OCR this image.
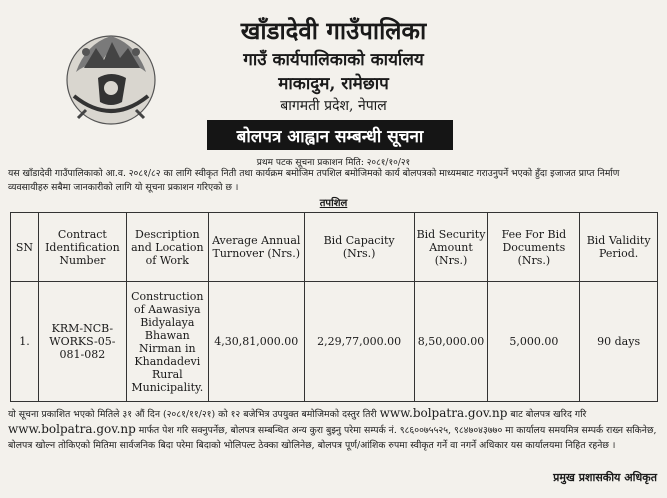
खाँडादेवी गाउँपालिका
गाउँ कार्यपालिकाको कार्यालय
माकादुम, रामेछाप
बागमती प्रदेश, नेपाल
बोलपत्र आह्वान सम्बन्धी सूचना
प्रथम पटक सूचना प्रकाशन मिति: २०८१/१०/२१

यस खाँडादेवी गाउँपालिकाको आ.व. २०८१/८२ का लागि स्वीकृत निती तथा कार्यक्रम बमोजिम तपशिल बमोजिमको कार्य बोलपत्रको माध्यमबाट गराउनुपर्ने भएको हुँदा इजाजत प्राप्त निर्माण व्यवसायीहरु सबैमा जानकारीको लागि यो सूचना प्रकाशन गरिएको छ ।

तपशिल
SN	Contract Identification Number	Description and Location of Work	Average Annual Turnover (Nrs.)	Bid Capacity (Nrs.)	Bid Security Amount (Nrs.)	Fee For Bid Documents (Nrs.)	Bid Validity Period.
1.	KRM-NCB-WORKS-05-081-082	Construction of Aawasiya Bidyalaya Bhawan Nirman in Khandadevi Rural Municipality.	4,30,81,000.00	2,29,77,000.00	8,50,000.00	5,000.00	90 days

यो सूचना प्रकाशित भएको मितिले ३१ औं दिन (२०८१/११/२१) को १२ बजेभित्र उपयुक्त बमोजिमको दस्तुर तिरी www.bolpatra.gov.np बाट बोलपत्र खरिद गरि www.bolpatra.gov.np मार्फत पेश गरि सक्नुपर्नेछ, बोलपत्र सम्बन्धित अन्य कुरा बुझ्नु परेमा सम्पर्क नं. ९८६००७५५२५, ९८४७०४३७७० मा कार्यालय समयमित्र सम्पर्क राख्न सकिनेछ, बोलपत्र खोल्न तोकिएको मितिमा सार्वजनिक बिदा परेमा बिदाको भोलिपल्ट ठेक्का खोलिनेछ, बोलपत्र पूर्ण/आंशिक रुपमा स्वीकृत गर्ने वा नगर्ने अधिकार यस कार्यालयमा निहित रहनेछ ।

प्रमुख प्रशासकीय अधिकृत
